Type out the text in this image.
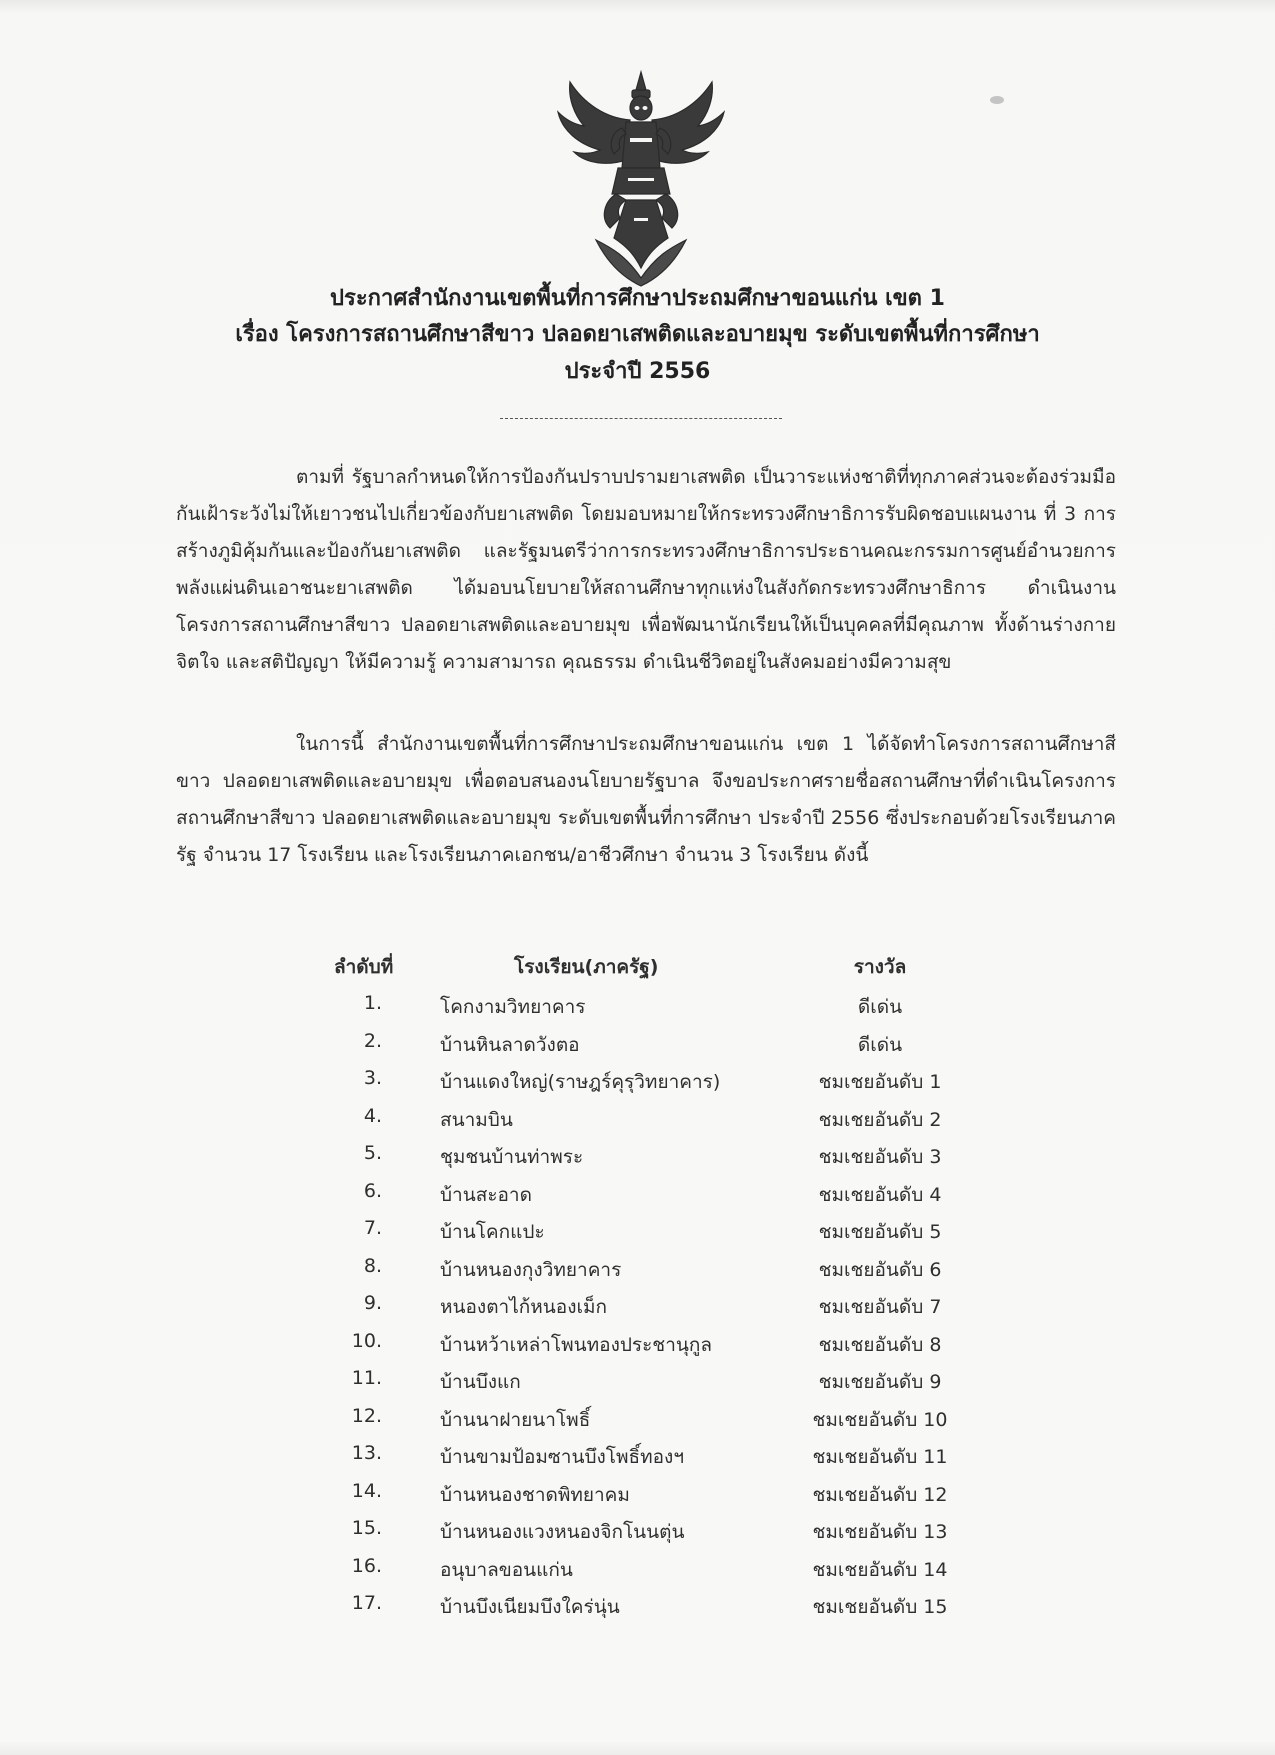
ประกาศสำนักงานเขตพื้นที่การศึกษาประถมศึกษาขอนแก่น เขต 1
เรื่อง โครงการสถานศึกษาสีขาว ปลอดยาเสพติดและอบายมุข ระดับเขตพื้นที่การศึกษา
ประจำปี 2556
ตามที่ รัฐบาลกำหนดให้การป้องกันปราบปรามยาเสพติด เป็นวาระแห่งชาติที่ทุกภาคส่วนจะต้องร่วมมือกันเฝ้าระวังไม่ให้เยาวชนไปเกี่ยวข้องกับยาเสพติด โดยมอบหมายให้กระทรวงศึกษาธิการรับผิดชอบแผนงาน ที่ 3 การสร้างภูมิคุ้มกันและป้องกันยาเสพติด และรัฐมนตรีว่าการกระทรวงศึกษาธิการประธานคณะกรรมการศูนย์อำนวยการพลังแผ่นดินเอาชนะยาเสพติด ได้มอบนโยบายให้สถานศึกษาทุกแห่งในสังกัดกระทรวงศึกษาธิการ ดำเนินงานโครงการสถานศึกษาสีขาว ปลอดยาเสพติดและอบายมุข เพื่อพัฒนานักเรียนให้เป็นบุคคลที่มีคุณภาพ ทั้งด้านร่างกาย จิตใจ และสติปัญญา ให้มีความรู้ ความสามารถ คุณธรรม ดำเนินชีวิตอยู่ในสังคมอย่างมีความสุข
ในการนี้ สำนักงานเขตพื้นที่การศึกษาประถมศึกษาขอนแก่น เขต 1 ได้จัดทำโครงการสถานศึกษาสีขาว ปลอดยาเสพติดและอบายมุข เพื่อตอบสนองนโยบายรัฐบาล จึงขอประกาศรายชื่อสถานศึกษาที่ดำเนินโครงการสถานศึกษาสีขาว ปลอดยาเสพติดและอบายมุข ระดับเขตพื้นที่การศึกษา ประจำปี 2556 ซึ่งประกอบด้วยโรงเรียนภาครัฐ จำนวน 17 โรงเรียน และโรงเรียนภาคเอกชน/อาชีวศึกษา จำนวน 3 โรงเรียน ดังนี้
ลำดับที่	โรงเรียน(ภาครัฐ)	รางวัล
1.	โคกงามวิทยาคาร	ดีเด่น
2.	บ้านหินลาดวังตอ	ดีเด่น
3.	บ้านแดงใหญ่(ราษฎร์คุรุวิทยาคาร)	ชมเชยอันดับ 1
4.	สนามบิน	ชมเชยอันดับ 2
5.	ชุมชนบ้านท่าพระ	ชมเชยอันดับ 3
6.	บ้านสะอาด	ชมเชยอันดับ 4
7.	บ้านโคกแปะ	ชมเชยอันดับ 5
8.	บ้านหนองกุงวิทยาคาร	ชมเชยอันดับ 6
9.	หนองตาไก้หนองเม็ก	ชมเชยอันดับ 7
10.	บ้านหว้าเหล่าโพนทองประชานุกูล	ชมเชยอันดับ 8
11.	บ้านบึงแก	ชมเชยอันดับ 9
12.	บ้านนาฝายนาโพธิ์	ชมเชยอันดับ 10
13.	บ้านขามป้อมซานบึงโพธิ์ทองฯ	ชมเชยอันดับ 11
14.	บ้านหนองชาดพิทยาคม	ชมเชยอันดับ 12
15.	บ้านหนองแวงหนองจิกโนนตุ่น	ชมเชยอันดับ 13
16.	อนุบาลขอนแก่น	ชมเชยอันดับ 14
17.	บ้านบึงเนียมบึงใคร่นุ่น	ชมเชยอันดับ 15
